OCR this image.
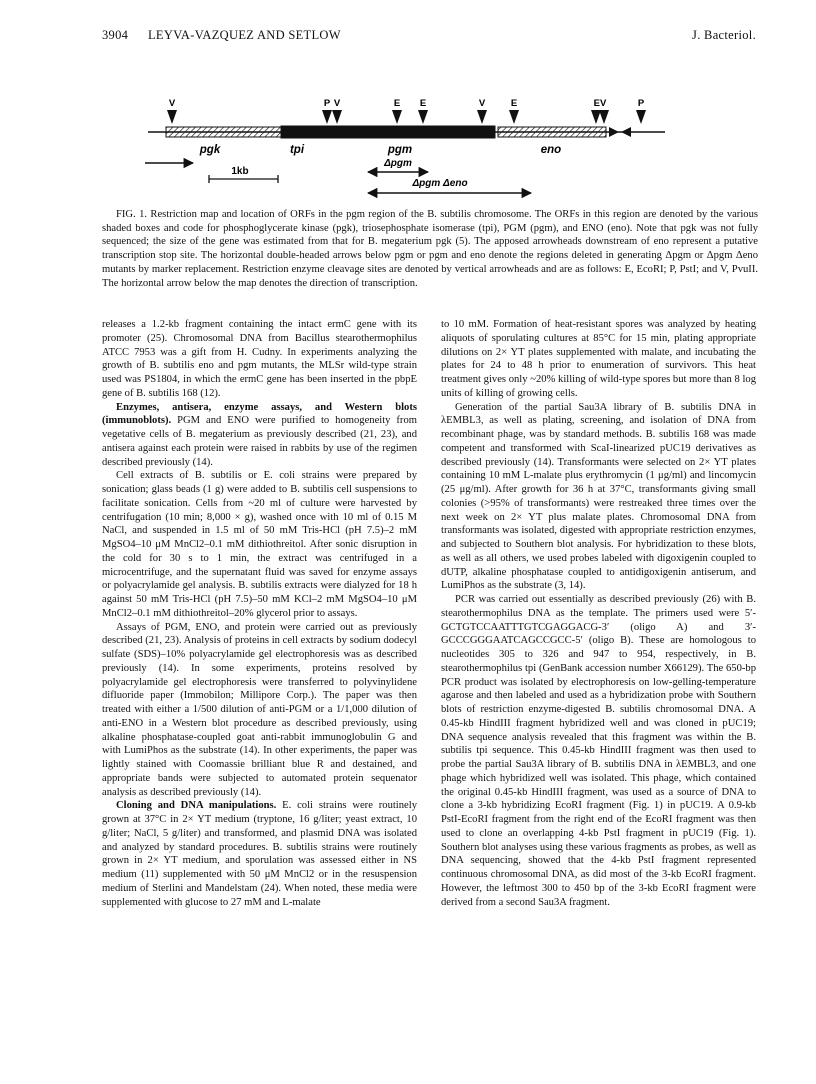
3904 LEYVA-VAZQUEZ AND SETLOW	J. Bacteriol.
V	P V	E E	V	E	EV	P
pgk	tpi	pgm	eno
1kb
Δpgm
Δpgm Δeno

FIG. 1. Restriction map and location of ORFs in the pgm region of the B. subtilis chromosome. The ORFs in this region are denoted by the various shaded boxes and code for phosphoglycerate kinase (pgk), triosephosphate isomerase (tpi), PGM (pgm), and ENO (eno). Note that pgk was not fully sequenced; the size of the gene was estimated from that for B. megaterium pgk (5). The apposed arrowheads downstream of eno represent a putative transcription stop site. The horizontal double-headed arrows below pgm or pgm and eno denote the regions deleted in generating Δpgm or Δpgm Δeno mutants by marker replacement. Restriction enzyme cleavage sites are denoted by vertical arrowheads and are as follows: E, EcoRI; P, PstI; and V, PvuII. The horizontal arrow below the map denotes the direction of transcription.

releases a 1.2-kb fragment containing the intact ermC gene with its promoter (25). Chromosomal DNA from Bacillus stearothermophilus ATCC 7953 was a gift from H. Cudny. In experiments analyzing the growth of B. subtilis eno and pgm mutants, the MLSr wild-type strain used was PS1804, in which the ermC gene has been inserted in the pbpE gene of B. subtilis 168 (12).

Enzymes, antisera, enzyme assays, and Western blots (immunoblots). PGM and ENO were purified to homogeneity from vegetative cells of B. megaterium as previously described (21, 23), and antisera against each protein were raised in rabbits by use of the regimen described previously (14).

Cell extracts of B. subtilis or E. coli strains were prepared by sonication; glass beads (1 g) were added to B. subtilis cell suspensions to facilitate sonication. Cells from ~20 ml of culture were harvested by centrifugation (10 min; 8,000 × g), washed once with 10 ml of 0.15 M NaCl, and suspended in 1.5 ml of 50 mM Tris-HCl (pH 7.5)–2 mM MgSO4–10 μM MnCl2–0.1 mM dithiothreitol. After sonic disruption in the cold for 30 s to 1 min, the extract was centrifuged in a microcentrifuge, and the supernatant fluid was saved for enzyme assays or polyacrylamide gel analysis. B. subtilis extracts were dialyzed for 18 h against 50 mM Tris-HCl (pH 7.5)–50 mM KCl–2 mM MgSO4–10 μM MnCl2–0.1 mM dithiothreitol–20% glycerol prior to assays.

Assays of PGM, ENO, and protein were carried out as previously described (21, 23). Analysis of proteins in cell extracts by sodium dodecyl sulfate (SDS)–10% polyacrylamide gel electrophoresis was as described previously (14). In some experiments, proteins resolved by polyacrylamide gel electrophoresis were transferred to polyvinylidene difluoride paper (Immobilon; Millipore Corp.). The paper was then treated with either a 1/500 dilution of anti-PGM or a 1/1,000 dilution of anti-ENO in a Western blot procedure as described previously, using alkaline phosphatase-coupled goat anti-rabbit immunoglobulin G and with LumiPhos as the substrate (14). In other experiments, the paper was lightly stained with Coomassie brilliant blue R and destained, and appropriate bands were subjected to automated protein sequenator analysis as described previously (14).

Cloning and DNA manipulations. E. coli strains were routinely grown at 37°C in 2× YT medium (tryptone, 16 g/liter; yeast extract, 10 g/liter; NaCl, 5 g/liter) and transformed, and plasmid DNA was isolated and analyzed by standard procedures. B. subtilis strains were routinely grown in 2× YT medium, and sporulation was assessed either in NS medium (11) supplemented with 50 μM MnCl2 or in the resuspension medium of Sterlini and Mandelstam (24). When noted, these media were supplemented with glucose to 27 mM and L-malate

to 10 mM. Formation of heat-resistant spores was analyzed by heating aliquots of sporulating cultures at 85°C for 15 min, plating appropriate dilutions on 2× YT plates supplemented with malate, and incubating the plates for 24 to 48 h prior to enumeration of survivors. This heat treatment gives only ~20% killing of wild-type spores but more than 8 log units of killing of growing cells.

Generation of the partial Sau3A library of B. subtilis DNA in λEMBL3, as well as plating, screening, and isolation of DNA from recombinant phage, was by standard methods. B. subtilis 168 was made competent and transformed with ScaI-linearized pUC19 derivatives as described previously (14). Transformants were selected on 2× YT plates containing 10 mM L-malate plus erythromycin (1 μg/ml) and lincomycin (25 μg/ml). After growth for 36 h at 37°C, transformants giving small colonies (>95% of transformants) were restreaked three times over the next week on 2× YT plus malate plates. Chromosomal DNA from transformants was isolated, digested with appropriate restriction enzymes, and subjected to Southern blot analysis. For hybridization to these blots, as well as all others, we used probes labeled with digoxigenin coupled to dUTP, alkaline phosphatase coupled to antidigoxigenin antiserum, and LumiPhos as the substrate (3, 14).

PCR was carried out essentially as described previously (26) with B. stearothermophilus DNA as the template. The primers used were 5′-GCTGTCCAATTTGTCGAGGACG-3′ (oligo A) and 3′-GCCCGGGAATCAGCCGCC-5′ (oligo B). These are homologous to nucleotides 305 to 326 and 947 to 954, respectively, in B. stearothermophilus tpi (GenBank accession number X66129). The 650-bp PCR product was isolated by electrophoresis on low-gelling-temperature agarose and then labeled and used as a hybridization probe with Southern blots of restriction enzyme-digested B. subtilis chromosomal DNA. A 0.45-kb HindIII fragment hybridized well and was cloned in pUC19; DNA sequence analysis revealed that this fragment was within the B. subtilis tpi sequence. This 0.45-kb HindIII fragment was then used to probe the partial Sau3A library of B. subtilis DNA in λEMBL3, and one phage which hybridized well was isolated. This phage, which contained the original 0.45-kb HindIII fragment, was used as a source of DNA to clone a 3-kb hybridizing EcoRI fragment (Fig. 1) in pUC19. A 0.9-kb PstI-EcoRI fragment from the right end of the EcoRI fragment was then used to clone an overlapping 4-kb PstI fragment in pUC19 (Fig. 1). Southern blot analyses using these various fragments as probes, as well as DNA sequencing, showed that the 4-kb PstI fragment represented continuous chromosomal DNA, as did most of the 3-kb EcoRI fragment. However, the leftmost 300 to 450 bp of the 3-kb EcoRI fragment were derived from a second Sau3A fragment.
